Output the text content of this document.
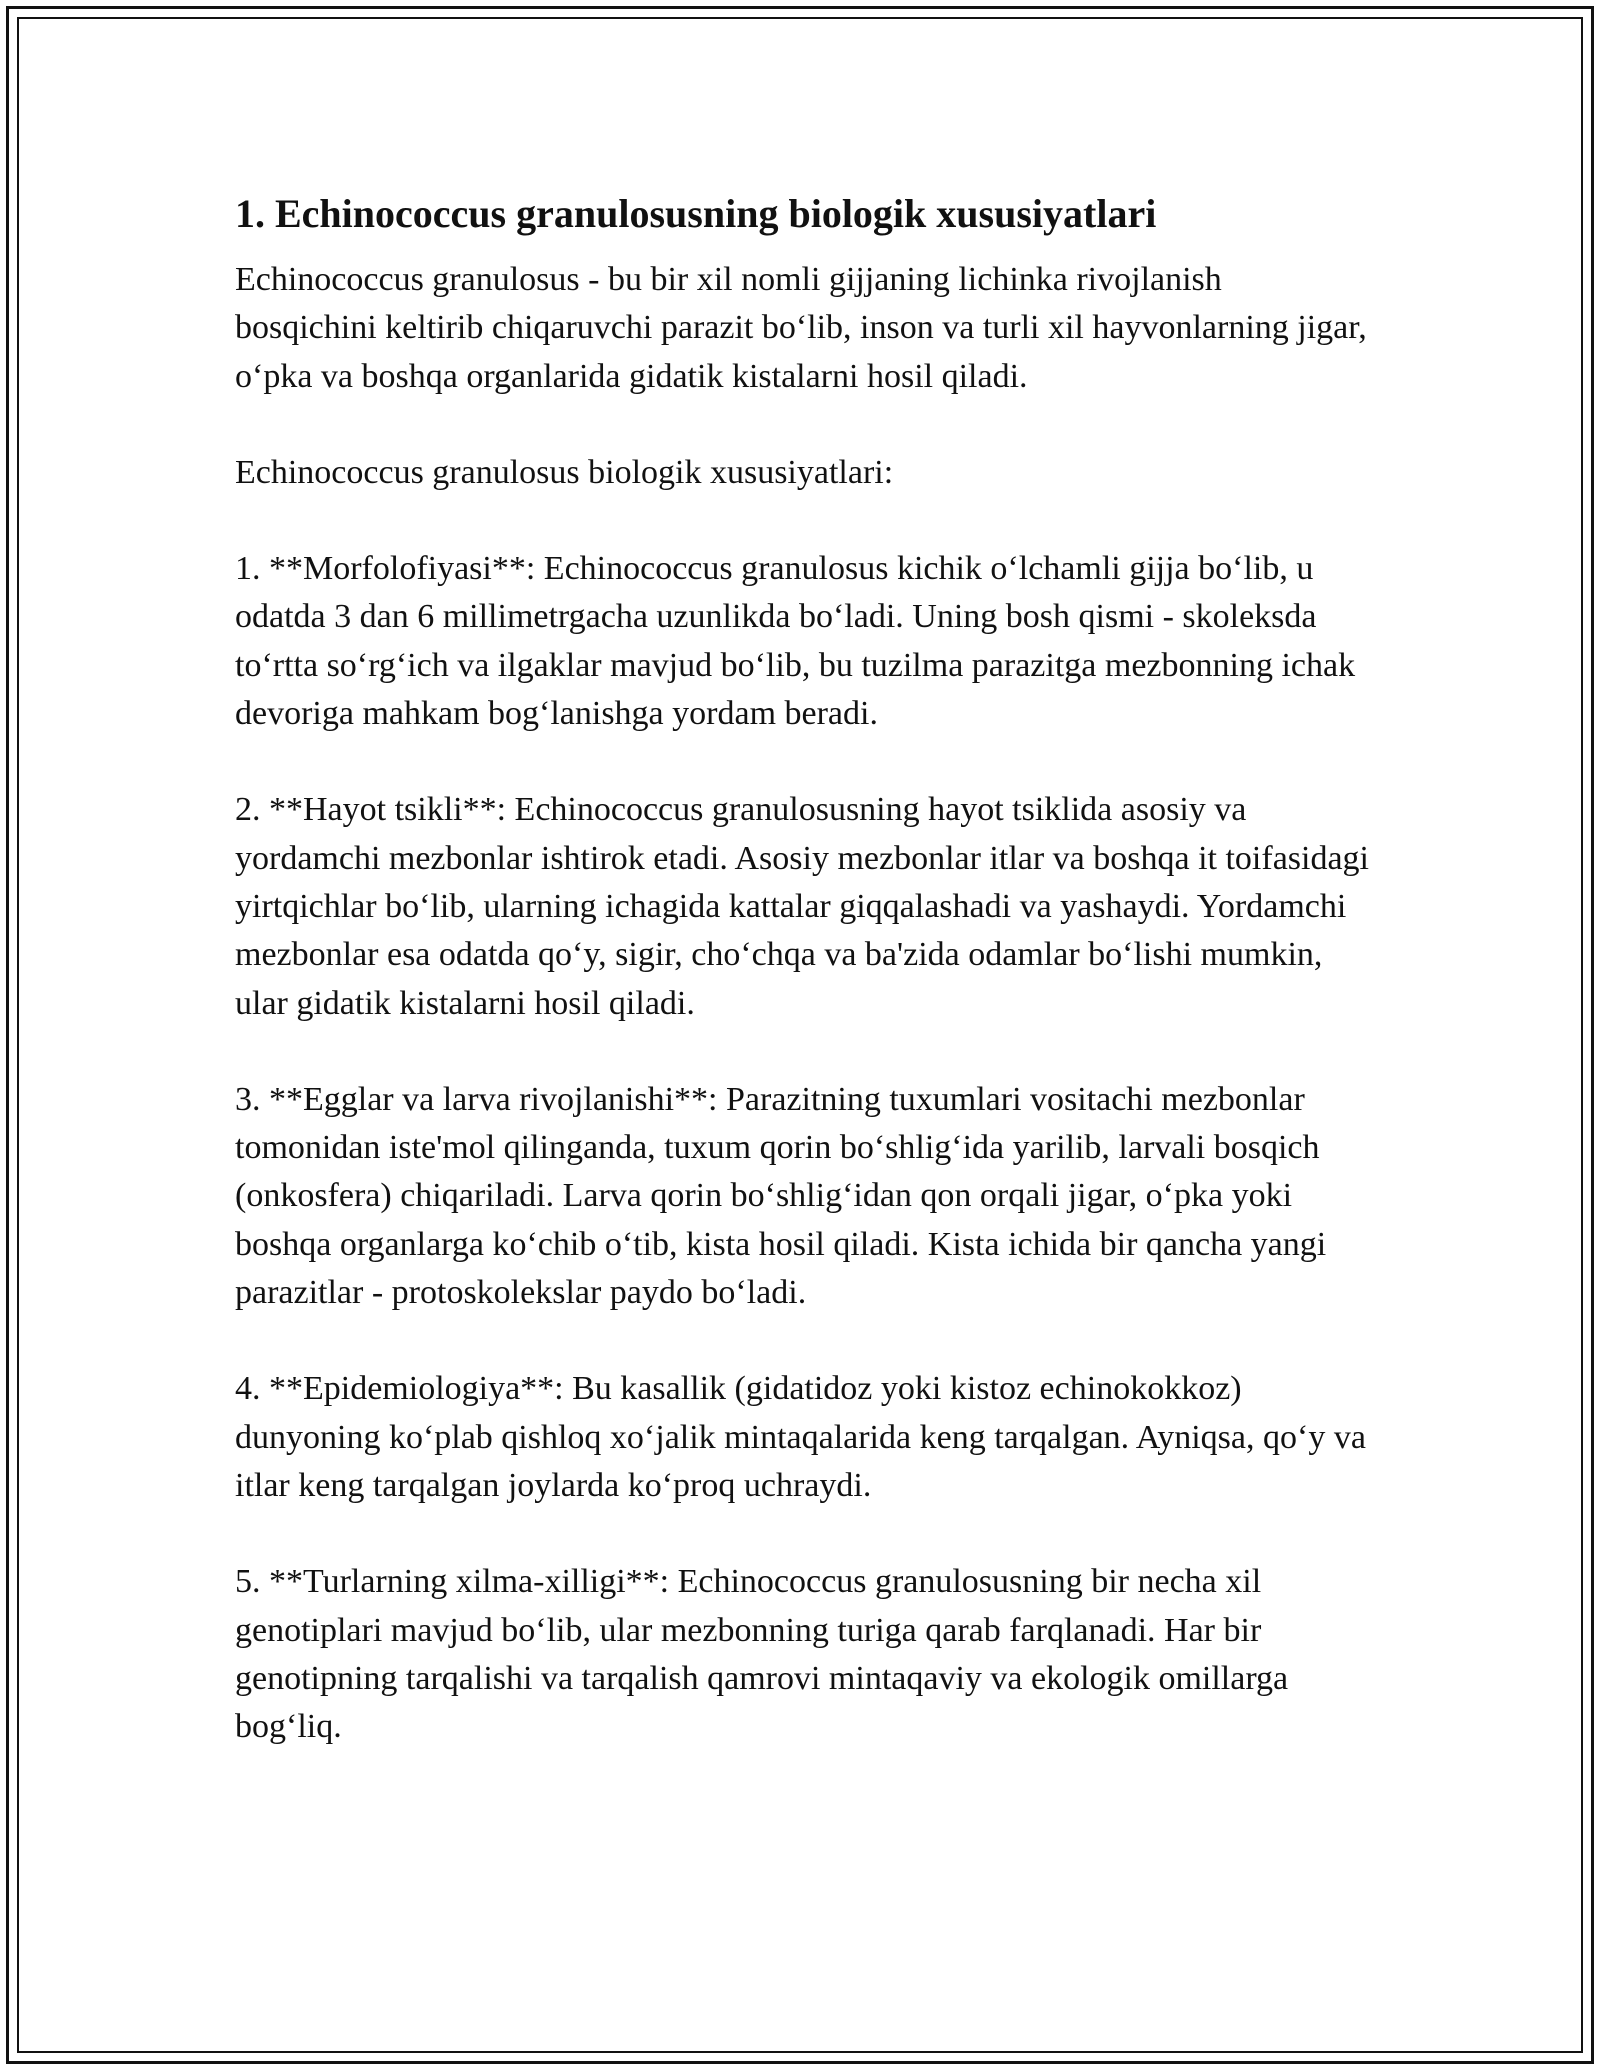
1. Echinococcus granulosusning biologik xususiyatlari

Echinococcus granulosus - bu bir xil nomli gijjaning lichinka rivojlanish bosqichini keltirib chiqaruvchi parazit bo‘lib, inson va turli xil hayvonlarning jigar, o‘pka va boshqa organlarida gidatik kistalarni hosil qiladi.

Echinococcus granulosus biologik xususiyatlari:

1. **Morfolofiyasi**: Echinococcus granulosus kichik o‘lchamli gijja bo‘lib, u odatda 3 dan 6 millimetrgacha uzunlikda bo‘ladi. Uning bosh qismi - skoleksda to‘rtta so‘rg‘ich va ilgaklar mavjud bo‘lib, bu tuzilma parazitga mezbonning ichak devoriga mahkam bog‘lanishga yordam beradi.

2. **Hayot tsikli**: Echinococcus granulosusning hayot tsiklida asosiy va yordamchi mezbonlar ishtirok etadi. Asosiy mezbonlar itlar va boshqa it toifasidagi yirtqichlar bo‘lib, ularning ichagida kattalar giqqalashadi va yashaydi. Yordamchi mezbonlar esa odatda qo‘y, sigir, cho‘chqa va ba'zida odamlar bo‘lishi mumkin, ular gidatik kistalarni hosil qiladi.

3. **Egglar va larva rivojlanishi**: Parazitning tuxumlari vositachi mezbonlar tomonidan iste'mol qilinganda, tuxum qorin bo‘shlig‘ida yarilib, larvali bosqich (onkosfera) chiqariladi. Larva qorin bo‘shlig‘idan qon orqali jigar, o‘pka yoki boshqa organlarga ko‘chib o‘tib, kista hosil qiladi. Kista ichida bir qancha yangi parazitlar - protoskolekslar paydo bo‘ladi.

4. **Epidemiologiya**: Bu kasallik (gidatidoz yoki kistoz echinokokkoz) dunyoning ko‘plab qishloq xo‘jalik mintaqalarida keng tarqalgan. Ayniqsa, qo‘y va itlar keng tarqalgan joylarda ko‘proq uchraydi.

5. **Turlarning xilma-xilligi**: Echinococcus granulosusning bir necha xil genotiplari mavjud bo‘lib, ular mezbonning turiga qarab farqlanadi. Har bir genotipning tarqalishi va tarqalish qamrovi mintaqaviy va ekologik omillarga bog‘liq.
